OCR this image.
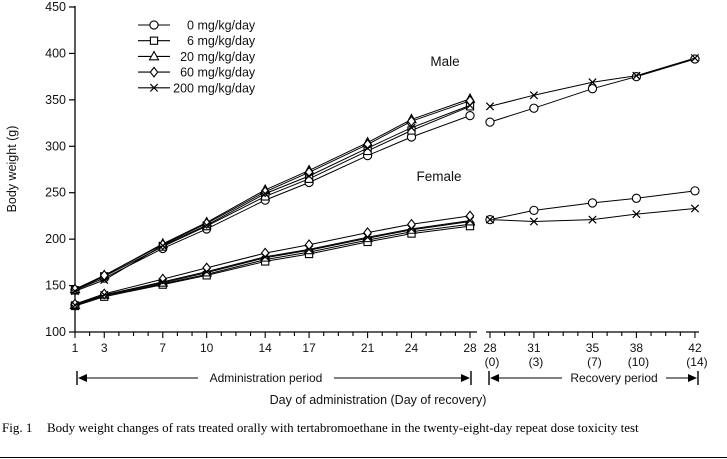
100
150
200
250
300
350
400
450
Body weight (g)
1 3	7	10	14	17	21	24	28 28
(0)
31
(3)
35
(7)
38
(10)
42
(14)
0 mg/kg/day
6 mg/kg/day
20 mg/kg/day
60 mg/kg/day
200 mg/kg/day
Male
Female
Administration period	Recovery period
Day of administration (Day of recovery)
Fig. 1	Body weight changes of rats treated orally with tertabromoethane in the twenty-eight-day repeat dose toxicity test
